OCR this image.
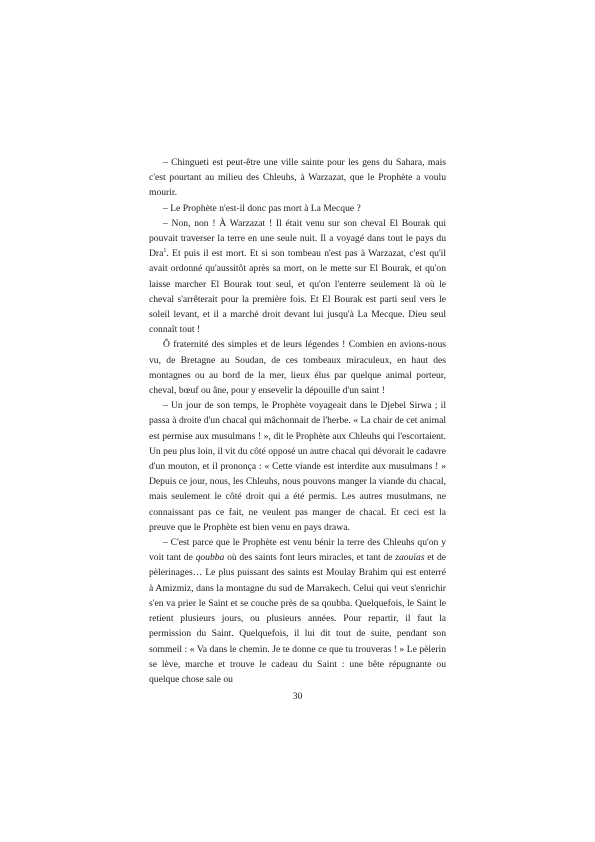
– Chingueti est peut-être une ville sainte pour les gens du Sahara, mais c'est pourtant au milieu des Chleuhs, à Warzazat, que le Prophète a voulu mourir.

– Le Prophète n'est-il donc pas mort à La Mecque ?

– Non, non ! À Warzazat ! Il était venu sur son cheval El Bourak qui pouvait traverser la terre en une seule nuit. Il a voyagé dans tout le pays du Dra$^1$. Et puis il est mort. Et si son tombeau n'est pas à Warzazat, c'est qu'il avait ordonné qu'aussitôt après sa mort, on le mette sur El Bourak, et qu'on laisse marcher El Bourak tout seul, et qu'on l'enterre seulement là où le cheval s'arrêterait pour la première fois. Et El Bourak est parti seul vers le soleil levant, et il a marché droit devant lui jusqu'à La Mecque. Dieu seul connaît tout !

Ô fraternité des simples et de leurs légendes ! Combien en avions-nous vu, de Bretagne au Soudan, de ces tombeaux miraculeux, en haut des montagnes ou au bord de la mer, lieux élus par quelque animal porteur, cheval, bœuf ou âne, pour y ensevelir la dépouille d'un saint !

– Un jour de son temps, le Prophète voyageait dans le Djebel Sirwa ; il passa à droite d'un chacal qui mâchonnait de l'herbe. « La chair de cet animal est permise aux musulmans ! », dit le Prophète aux Chleuhs qui l'escortaient. Un peu plus loin, il vit du côté opposé un autre chacal qui dévorait le cadavre d'un mouton, et il prononça : « Cette viande est interdite aux musulmans ! » Depuis ce jour, nous, les Chleuhs, nous pouvons manger la viande du chacal, mais seulement le côté droit qui a été permis. Les autres musulmans, ne connaissant pas ce fait, ne veulent pas manger de chacal. Et ceci est la preuve que le Prophète est bien venu en pays drawa.

– C'est parce que le Prophète est venu bénir la terre des Chleuhs qu'on y voit tant de qoubba où des saints font leurs miracles, et tant de zaouïas et de pèlerinages… Le plus puissant des saints est Moulay Brahim qui est enterré à Amizmiz, dans la montagne du sud de Marrakech. Celui qui veut s'enrichir s'en va prier le Saint et se couche près de sa qoubba. Quelquefois, le Saint le retient plusieurs jours, ou plusieurs années. Pour repartir, il faut la permission du Saint. Quelquefois, il lui dit tout de suite, pendant son sommeil : « Va dans le chemin. Je te donne ce que tu trouveras ! » Le pèlerin se lève, marche et trouve le cadeau du Saint : une bête répugnante ou quelque chose sale ou

30
